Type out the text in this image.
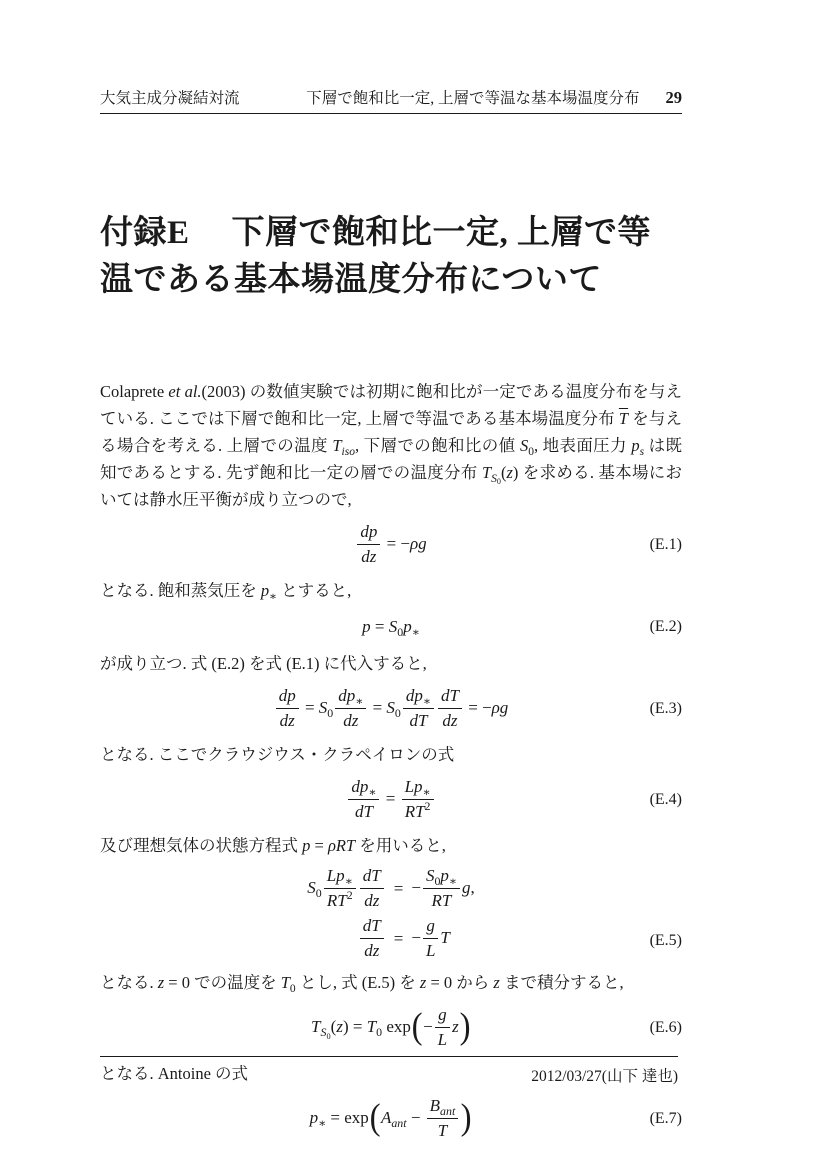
大気主成分凝結対流	下層で飽和比一定, 上層で等温な基本場温度分布 29
付録E 下層で飽和比一定, 上層で等温である基本場温度分布について

Colaprete et al.(2003) の数値実験では初期に飽和比が一定である温度分布を与えている. ここでは下層で飽和比一定, 上層で等温である基本場温度分布 $\overline{T}$ を与える場合を考える. 上層での温度 $T_{iso}$, 下層での飽和比の値 $S_0$, 地表面圧力 $p_s$ は既知であるとする. 先ず飽和比一定の層での温度分布 $T_{S_0}(z)$ を求める. 基本場においては静水圧平衡が成り立つので,

$\frac{dp}{dz} = -\rho g$	(E.1)

となる. 飽和蒸気圧を $p_∗$ とすると,

$p = S_0p_∗$	(E.2)

が成り立つ. 式 (E.2) を式 (E.1) に代入すると,

$\frac{dp}{dz} = S_0 \frac{dp_∗}{dz} = S_0 \frac{dp_∗}{dT} \frac{dT}{dz} = -\rho g$	(E.3)

となる. ここでクラウジウス・クラペイロンの式

$\frac{dp_∗}{dT} = \frac{Lp_∗}{RT^2}$	(E.4)

及び理想気体の状態方程式 p = ρRT を用いると,

$S_0 \frac{Lp_∗}{RT^2} \frac{dT}{dz}$ = − $\frac{S_0p_∗}{RT} g$,
$\frac{dT}{dz}$ = − $\frac{g}{L}$ T	(E.5)

となる. z = 0 での温度を $T_0$ とし, 式 (E.5) を z = 0 から z まで積分すると,

$T_{S_0}(z) = T_0$ $\exp(- \frac{g}{L} z)$	(E.6)

となる. Antoine の式

$p_∗ = \exp(A_{ant} - \frac{B_{ant}}{T}$ )	(E.7)
2012/03/27(山下 達也)
